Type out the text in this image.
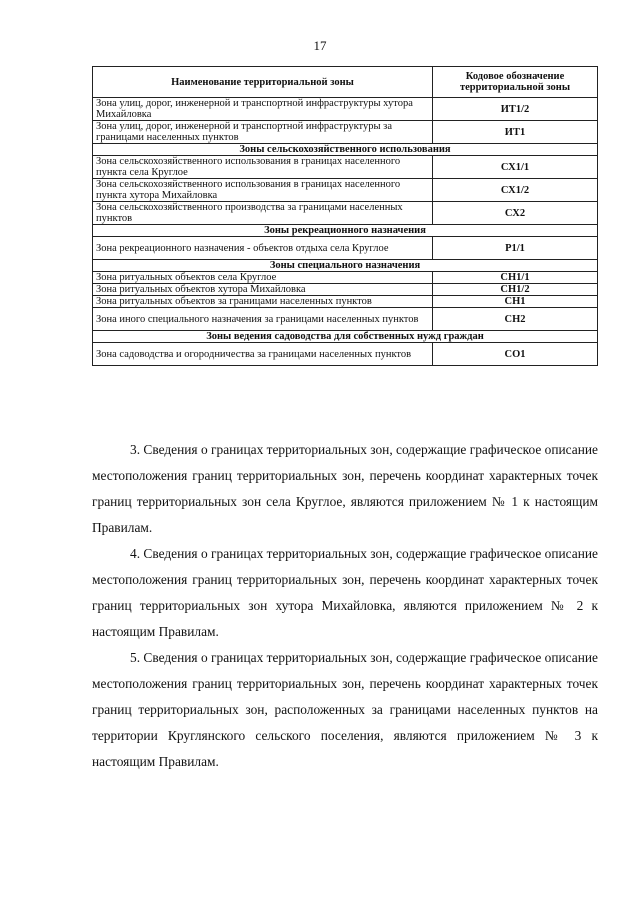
17
Наименование территориальной зоны	Кодовое обозначение территориальной зоны
Зона улиц, дорог, инженерной и транспортной инфраструктуры хутора Михайловка	ИТ1/2
Зона улиц, дорог, инженерной и транспортной инфраструктуры за границами населенных пунктов	ИТ1
Зоны сельскохозяйственного использования	
Зона сельскохозяйственного использования в границах населенного пункта села Круглое	СХ1/1
Зона сельскохозяйственного использования в границах населенного пункта хутора Михайловка	СХ1/2
Зона сельскохозяйственного производства за границами населенных пунктов	СХ2
Зоны рекреационного назначения	
Зона рекреационного назначения - объектов отдыха села Круглое	Р1/1
Зоны специального назначения	
Зона ритуальных объектов села Круглое	СН1/1
Зона ритуальных объектов хутора Михайловка	СН1/2
Зона ритуальных объектов за границами населенных пунктов	СН1
Зона иного специального назначения за границами населенных пунктов	СН2
Зоны ведения садоводства для собственных нужд граждан	
Зона садоводства и огородничества за границами населенных пунктов	СО1

3. Сведения о границах территориальных зон, содержащие графическое описание местоположения границ территориальных зон, перечень координат характерных точек границ территориальных зон села Круглое, являются приложением № 1 к настоящим Правилам.

4. Сведения о границах территориальных зон, содержащие графическое описание местоположения границ территориальных зон, перечень координат характерных точек границ территориальных зон хутора Михайловка, являются приложением № 2 к настоящим Правилам.

5. Сведения о границах территориальных зон, содержащие графическое описание местоположения границ территориальных зон, перечень координат характерных точек границ территориальных зон, расположенных за границами населенных пунктов на территории Круглянского сельского поселения, являются приложением № 3 к настоящим Правилам.
